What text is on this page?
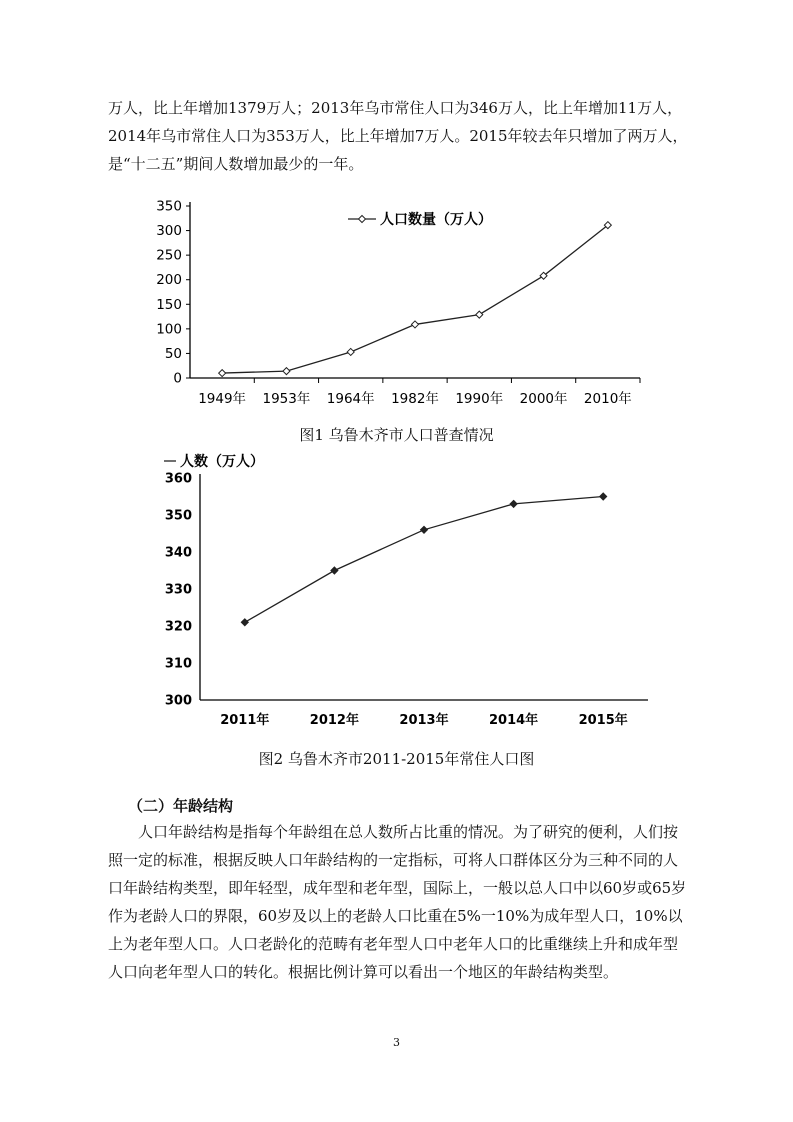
万人，比上年增加1379万人；2013年乌市常住人口为346万人，比上年增加11万人，2014年乌市常住人口为353万人，比上年增加7万人。2015年较去年只增加了两万人，是“十二五”期间人数增加最少的一年。
0
50
100
150
200
250
300
350
1949年 1953年 1964年 1982年 1990年 2000年 2010年
人口数量（万人）
图1 乌鲁木齐市人口普查情况
300
310
320
330
340
350
360
2011年	2012年	2013年	2014年	2015年
人数（万人）
图2 乌鲁木齐市2011-2015年常住人口图
（二）年龄结构
人口年龄结构是指每个年龄组在总人数所占比重的情况。为了研究的便利，人们按照一定的标准，根据反映人口年龄结构的一定指标，可将人口群体区分为三种不同的人口年龄结构类型，即年轻型，成年型和老年型，国际上，一般以总人口中以60岁或65岁作为老龄人口的界限，60岁及以上的老龄人口比重在5%一10%为成年型人口，10%以上为老年型人口。人口老龄化的范畴有老年型人口中老年人口的比重继续上升和成年型人口向老年型人口的转化。根据比例计算可以看出一个地区的年龄结构类型。
3
